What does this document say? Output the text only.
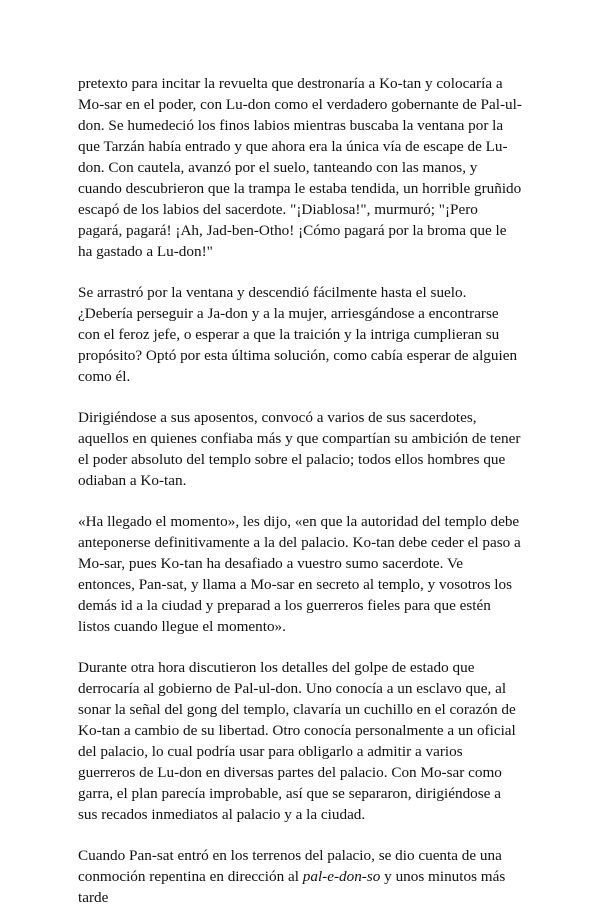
pretexto para incitar la revuelta que destronaría a Ko-tan y colocaría a Mo-sar en el poder, con Lu-don como el verdadero gobernante de Pal-ul-don. Se humedeció los finos labios mientras buscaba la ventana por la que Tarzán había entrado y que ahora era la única vía de escape de Lu-don. Con cautela, avanzó por el suelo, tanteando con las manos, y cuando descubrieron que la trampa le estaba tendida, un horrible gruñido escapó de los labios del sacerdote. "¡Diablosa!", murmuró; "¡Pero pagará, pagará! ¡Ah, Jad-ben-Otho! ¡Cómo pagará por la broma que le ha gastado a Lu-don!"

Se arrastró por la ventana y descendió fácilmente hasta el suelo. ¿Debería perseguir a Ja-don y a la mujer, arriesgándose a encontrarse con el feroz jefe, o esperar a que la traición y la intriga cumplieran su propósito? Optó por esta última solución, como cabía esperar de alguien como él.

Dirigiéndose a sus aposentos, convocó a varios de sus sacerdotes, aquellos en quienes confiaba más y que compartían su ambición de tener el poder absoluto del templo sobre el palacio; todos ellos hombres que odiaban a Ko-tan.

«Ha llegado el momento», les dijo, «en que la autoridad del templo debe anteponerse definitivamente a la del palacio. Ko-tan debe ceder el paso a Mo-sar, pues Ko-tan ha desafiado a vuestro sumo sacerdote. Ve entonces, Pan-sat, y llama a Mo-sar en secreto al templo, y vosotros los demás id a la ciudad y preparad a los guerreros fieles para que estén listos cuando llegue el momento».

Durante otra hora discutieron los detalles del golpe de estado que derrocaría al gobierno de Pal-ul-don. Uno conocía a un esclavo que, al sonar la señal del gong del templo, clavaría un cuchillo en el corazón de Ko-tan a cambio de su libertad. Otro conocía personalmente a un oficial del palacio, lo cual podría usar para obligarlo a admitir a varios guerreros de Lu-don en diversas partes del palacio. Con Mo-sar como garra, el plan parecía improbable, así que se separaron, dirigiéndose a sus recados inmediatos al palacio y a la ciudad.

Cuando Pan-sat entró en los terrenos del palacio, se dio cuenta de una conmoción repentina en dirección al pal-e-don-so y unos minutos más tarde
